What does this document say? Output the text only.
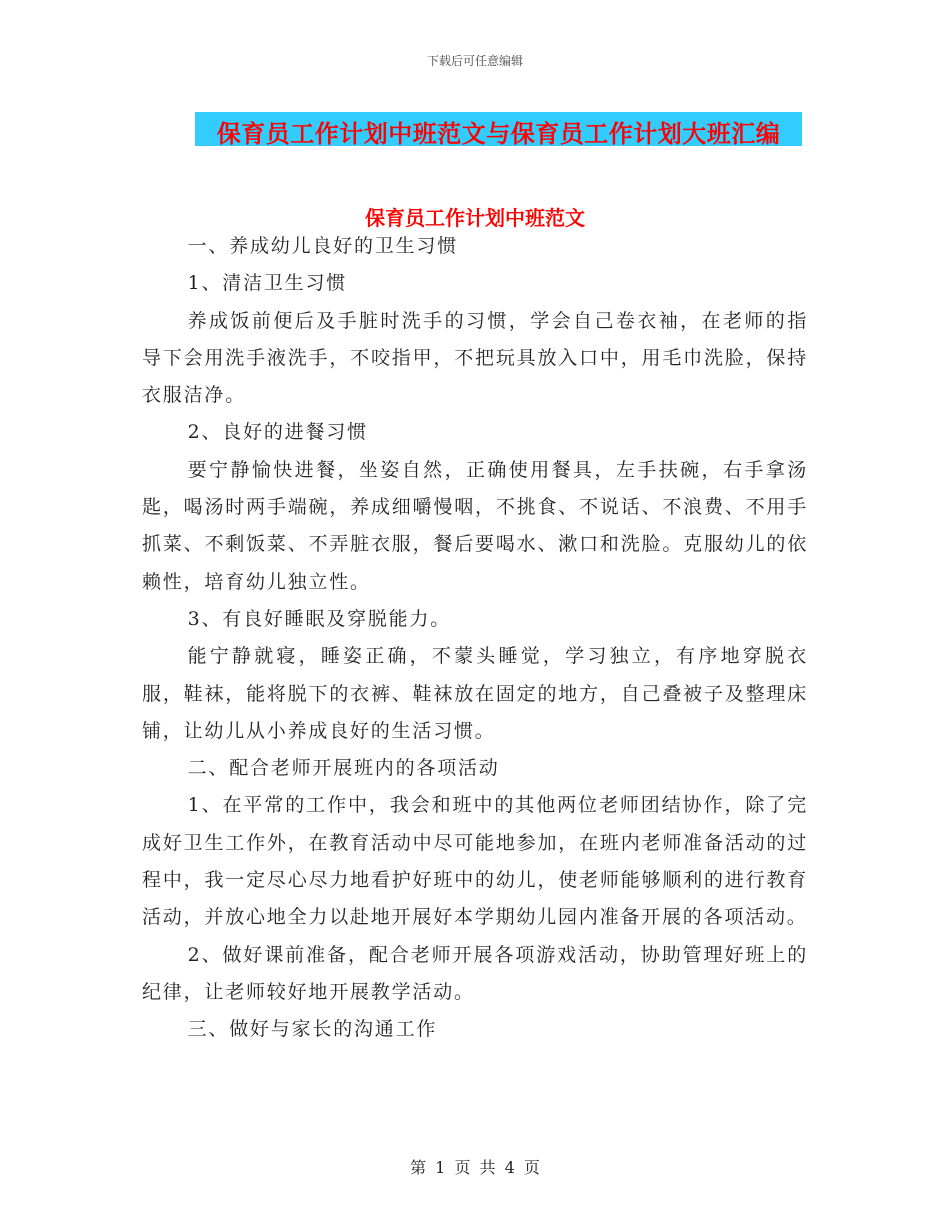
下载后可任意编辑
保育员工作计划中班范文与保育员工作计划大班汇编
保育员工作计划中班范文

一、养成幼儿良好的卫生习惯

1、清洁卫生习惯

养成饭前便后及手脏时洗手的习惯，学会自己卷衣袖，在老师的指导下会用洗手液洗手，不咬指甲，不把玩具放入口中，用毛巾洗脸，保持衣服洁净。

2、良好的进餐习惯

要宁静愉快进餐，坐姿自然，正确使用餐具，左手扶碗，右手拿汤匙，喝汤时两手端碗，养成细嚼慢咽，不挑食、不说话、不浪费、不用手抓菜、不剩饭菜、不弄脏衣服，餐后要喝水、漱口和洗脸。克服幼儿的依赖性，培育幼儿独立性。

3、有良好睡眠及穿脱能力。

能宁静就寝，睡姿正确，不蒙头睡觉，学习独立，有序地穿脱衣服，鞋袜，能将脱下的衣裤、鞋袜放在固定的地方，自己叠被子及整理床铺，让幼儿从小养成良好的生活习惯。

二、配合老师开展班内的各项活动

1、在平常的工作中，我会和班中的其他两位老师团结协作，除了完成好卫生工作外，在教育活动中尽可能地参加，在班内老师准备活动的过程中，我一定尽心尽力地看护好班中的幼儿，使老师能够顺利的进行教育活动，并放心地全力以赴地开展好本学期幼儿园内准备开展的各项活动。

2、做好课前准备，配合老师开展各项游戏活动，协助管理好班上的纪律，让老师较好地开展教学活动。

三、做好与家长的沟通工作

第 1 页 共 4 页
